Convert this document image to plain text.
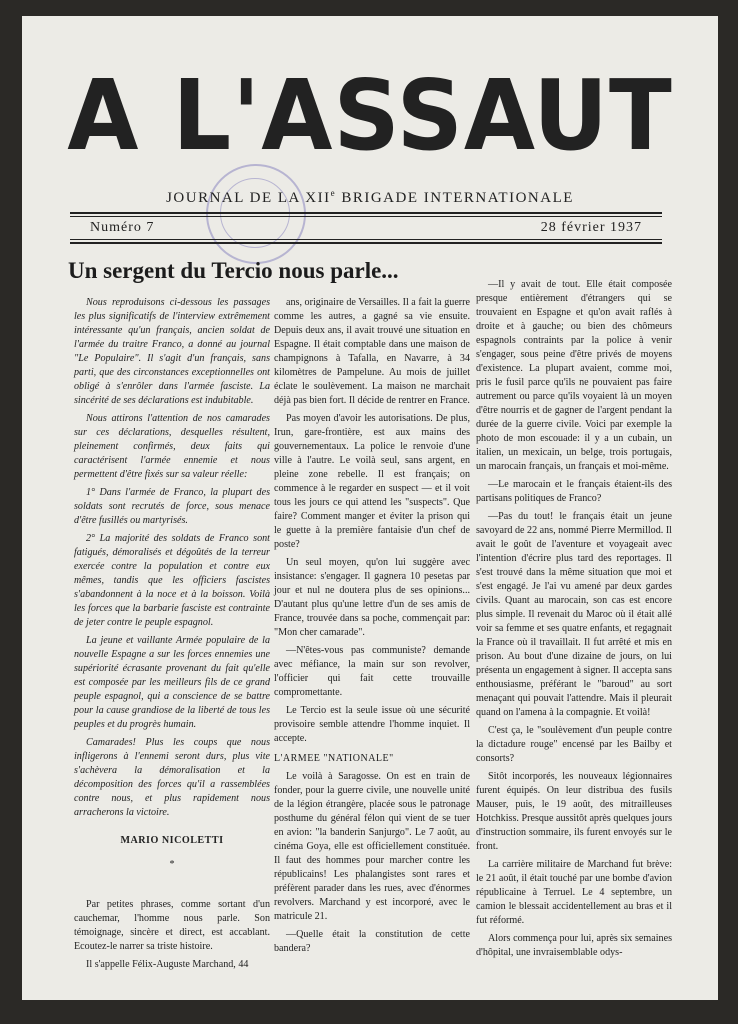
A L'ASSAUT
JOURNAL DE LA XIIe BRIGADE INTERNATIONALE
Numéro 7	28 février 1937
Un sergent du Tercio nous parle...

Nous reproduisons ci-dessous les passages les plus significatifs de l'interview extrêmement intéressante qu'un français, ancien soldat de l'armée du traitre Franco, a donné au journal "Le Populaire". Il s'agit d'un français, sans parti, que des circonstances exceptionnelles ont obligé à s'enrôler dans l'armée fasciste. La sincérité de ses déclarations est indubitable.

Nous attirons l'attention de nos camarades sur ces déclarations, desquelles résultent, pleinement confirmés, deux faits qui caractérisent l'armée ennemie et nous permettent d'être fixés sur sa valeur réelle:

1° Dans l'armée de Franco, la plupart des soldats sont recrutés de force, sous menace d'être fusillés ou martyrisés.

2° La majorité des soldats de Franco sont fatigués, démoralisés et dégoûtés de la terreur exercée contre la population et contre eux mêmes, tandis que les officiers fascistes s'abandonnent à la noce et à la boisson. Voilà les forces que la barbarie fasciste est contrainte de jeter contre le peuple espagnol.

La jeune et vaillante Armée populaire de la nouvelle Espagne a sur les forces ennemies une supériorité écrasante provenant du fait qu'elle est composée par les meilleurs fils de ce grand peuple espagnol, qui a conscience de se battre pour la cause grandiose de la liberté de tous les peuples et du progrès humain.

Camarades! Plus les coups que nous infligerons à l'ennemi seront durs, plus vite s'achèvera la démoralisation et la décomposition des forces qu'il a rassemblées contre nous, et plus rapidement nous arracherons la victoire.

MARIO NICOLETTI

*

Par petites phrases, comme sortant d'un cauchemar, l'homme nous parle. Son témoignage, sincère et direct, est accablant. Ecoutez-le narrer sa triste histoire.

Il s'appelle Félix-Auguste Marchand, 44

ans, originaire de Versailles. Il a fait la guerre comme les autres, a gagné sa vie ensuite. Depuis deux ans, il avait trouvé une situation en Espagne. Il était comptable dans une maison de champignons à Tafalla, en Navarre, à 34 kilomètres de Pampelune. Au mois de juillet éclate le soulèvement. La maison ne marchait déjà pas bien fort. Il décide de rentrer en France.

Pas moyen d'avoir les autorisations. De plus, Irun, gare-frontière, est aux mains des gouvernementaux. La police le renvoie d'une ville à l'autre. Le voilà seul, sans argent, en pleine zone rebelle. Il est français; on commence à le regarder en suspect — et il voit tous les jours ce qui attend les "suspects". Que faire? Comment manger et éviter la prison qui le guette à la première fantaisie d'un chef de poste?

Un seul moyen, qu'on lui suggère avec insistance: s'engager. Il gagnera 10 pesetas par jour et nul ne doutera plus de ses opinions... D'autant plus qu'une lettre d'un de ses amis de France, trouvée dans sa poche, commençait par: "Mon cher camarade".

—N'êtes-vous pas communiste? demande avec méfiance, la main sur son revolver, l'officier qui fait cette trouvaille compromettante.

Le Tercio est la seule issue où une sécurité provisoire semble attendre l'homme inquiet. Il accepte.

L'ARMEE "NATIONALE"

Le voilà à Saragosse. On est en train de fonder, pour la guerre civile, une nouvelle unité de la légion étrangère, placée sous le patronage posthume du général félon qui vient de se tuer en avion: "la banderin Sanjurgo". Le 7 août, au cinéma Goya, elle est officiellement constituée. Il faut des hommes pour marcher contre les républicains! Les phalangistes sont rares et préfèrent parader dans les rues, avec d'énormes revolvers. Marchand y est incorporé, avec le matricule 21.

—Quelle était la constitution de cette bandera?

—Il y avait de tout. Elle était composée presque entièrement d'étrangers qui se trouvaient en Espagne et qu'on avait raflés à droite et à gauche; ou bien des chômeurs espagnols contraints par la police à venir s'engager, sous peine d'être privés de moyens d'existence. La plupart avaient, comme moi, pris le fusil parce qu'ils ne pouvaient pas faire autrement ou parce qu'ils voyaient là un moyen d'être nourris et de gagner de l'argent pendant la durée de la guerre civile. Voici par exemple la photo de mon escouade: il y a un cubain, un italien, un mexicain, un belge, trois portugais, un marocain français, un français et moi-même.

—Le marocain et le français étaient-ils des partisans politiques de Franco?

—Pas du tout! le français était un jeune savoyard de 22 ans, nommé Pierre Mermillod. Il avait le goût de l'aventure et voyageait avec l'intention d'écrire plus tard des reportages. Il s'est trouvé dans la même situation que moi et s'est engagé. Je l'ai vu amené par deux gardes civils. Quant au marocain, son cas est encore plus simple. Il revenait du Maroc où il était allé voir sa femme et ses quatre enfants, et regagnait la France où il travaillait. Il fut arrêté et mis en prison. Au bout d'une dizaine de jours, on lui présenta un engagement à signer. Il accepta sans enthousiasme, préférant le "baroud" au sort menaçant qui pouvait l'attendre. Mais il pleurait quand on l'amena à la compagnie. Et voilà!

C'est ça, le "soulèvement d'un peuple contre la dictadure rouge" encensé par les Bailby et consorts?

Sitôt incorporés, les nouveaux légionnaires furent équipés. On leur distribua des fusils Mauser, puis, le 19 août, des mitrailleuses Hotchkiss. Presque aussitôt après quelques jours d'instruction sommaire, ils furent envoyés sur le front.

La carrière militaire de Marchand fut brève: le 21 août, il était touché par une bombe d'avion républicaine à Terruel. Le 4 septembre, un camion le blessait accidentellement au bras et il fut réformé.

Alors commença pour lui, après six semaines d'hôpital, une invraisemblable odys-
